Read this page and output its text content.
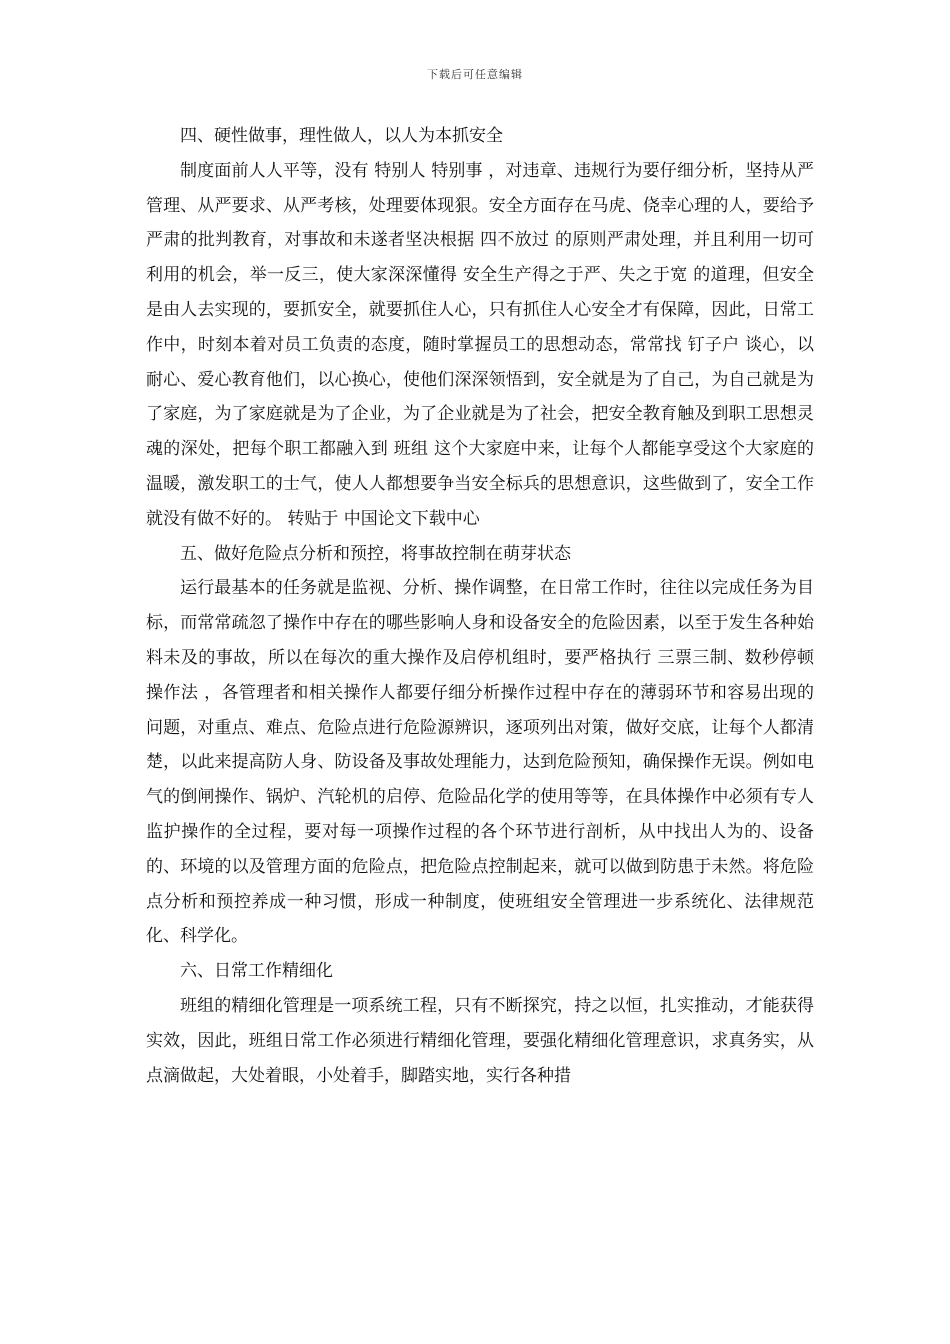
下载后可任意编辑

四、硬性做事，理性做人，以人为本抓安全

制度面前人人平等，没有 特别人 特别事 ，对违章、违规行为要仔细分析，坚持从严管理、从严要求、从严考核，处理要体现狠。安全方面存在马虎、侥幸心理的人，要给予严肃的批判教育，对事故和未遂者坚决根据 四不放过 的原则严肃处理，并且利用一切可利用的机会，举一反三，使大家深深懂得 安全生产得之于严、失之于宽 的道理，但安全是由人去实现的，要抓安全，就要抓住人心，只有抓住人心安全才有保障，因此，日常工作中，时刻本着对员工负责的态度，随时掌握员工的思想动态，常常找 钉子户 谈心，以耐心、爱心教育他们，以心换心，使他们深深领悟到，安全就是为了自己，为自己就是为了家庭，为了家庭就是为了企业，为了企业就是为了社会，把安全教育触及到职工思想灵魂的深处，把每个职工都融入到 班组 这个大家庭中来，让每个人都能享受这个大家庭的温暖，激发职工的士气，使人人都想要争当安全标兵的思想意识，这些做到了，安全工作就没有做不好的。 转贴于 中国论文下载中心

五、做好危险点分析和预控，将事故控制在萌芽状态

运行最基本的任务就是监视、分析、操作调整，在日常工作时，往往以完成任务为目标，而常常疏忽了操作中存在的哪些影响人身和设备安全的危险因素，以至于发生各种始料未及的事故，所以在每次的重大操作及启停机组时，要严格执行 三票三制、数秒停顿操作法 ，各管理者和相关操作人都要仔细分析操作过程中存在的薄弱环节和容易出现的问题，对重点、难点、危险点进行危险源辨识，逐项列出对策，做好交底，让每个人都清楚，以此来提高防人身、防设备及事故处理能力，达到危险预知，确保操作无误。例如电气的倒闸操作、锅炉、汽轮机的启停、危险品化学的使用等等，在具体操作中必须有专人监护操作的全过程，要对每一项操作过程的各个环节进行剖析，从中找出人为的、设备的、环境的以及管理方面的危险点，把危险点控制起来，就可以做到防患于未然。将危险点分析和预控养成一种习惯，形成一种制度，使班组安全管理进一步系统化、法律规范化、科学化。

六、日常工作精细化

班组的精细化管理是一项系统工程，只有不断探究，持之以恒，扎实推动，才能获得实效，因此，班组日常工作必须进行精细化管理，要强化精细化管理意识，求真务实，从点滴做起，大处着眼，小处着手，脚踏实地，实行各种措
